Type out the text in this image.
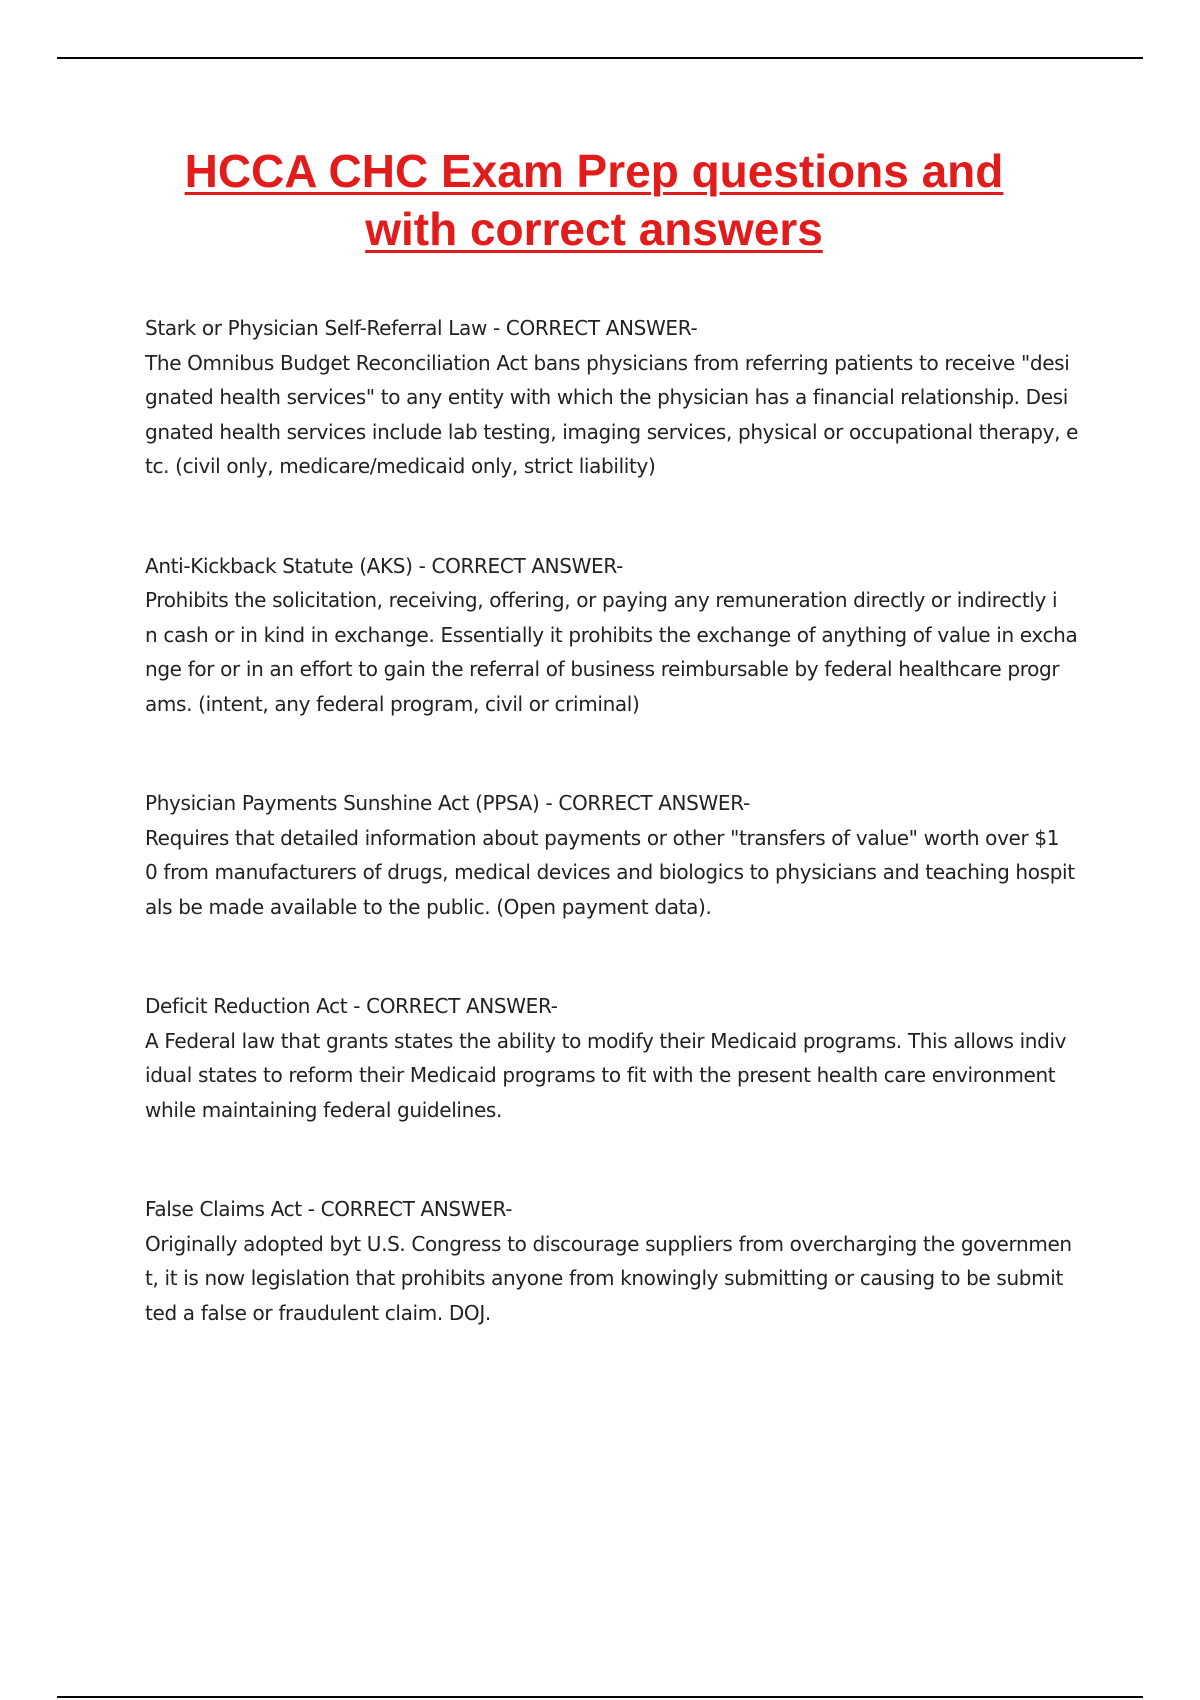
HCCA CHC Exam Prep questions and
with correct answers

Stark or Physician Self-Referral Law - CORRECT ANSWER-

The Omnibus Budget Reconciliation Act bans physicians from referring patients to receive "desi

gnated health services" to any entity with which the physician has a financial relationship. Desi

gnated health services include lab testing, imaging services, physical or occupational therapy, e

tc. (civil only, medicare/medicaid only, strict liability)

Anti-Kickback Statute (AKS) - CORRECT ANSWER-

Prohibits the solicitation, receiving, offering, or paying any remuneration directly or indirectly i

n cash or in kind in exchange. Essentially it prohibits the exchange of anything of value in excha

nge for or in an effort to gain the referral of business reimbursable by federal healthcare progr

ams. (intent, any federal program, civil or criminal)

Physician Payments Sunshine Act (PPSA) - CORRECT ANSWER-

Requires that detailed information about payments or other "transfers of value" worth over $1

0 from manufacturers of drugs, medical devices and biologics to physicians and teaching hospit

als be made available to the public. (Open payment data).

Deficit Reduction Act - CORRECT ANSWER-

A Federal law that grants states the ability to modify their Medicaid programs. This allows indiv

idual states to reform their Medicaid programs to fit with the present health care environment

while maintaining federal guidelines.

False Claims Act - CORRECT ANSWER-

Originally adopted byt U.S. Congress to discourage suppliers from overcharging the governmen

t, it is now legislation that prohibits anyone from knowingly submitting or causing to be submit

ted a false or fraudulent claim. DOJ.
